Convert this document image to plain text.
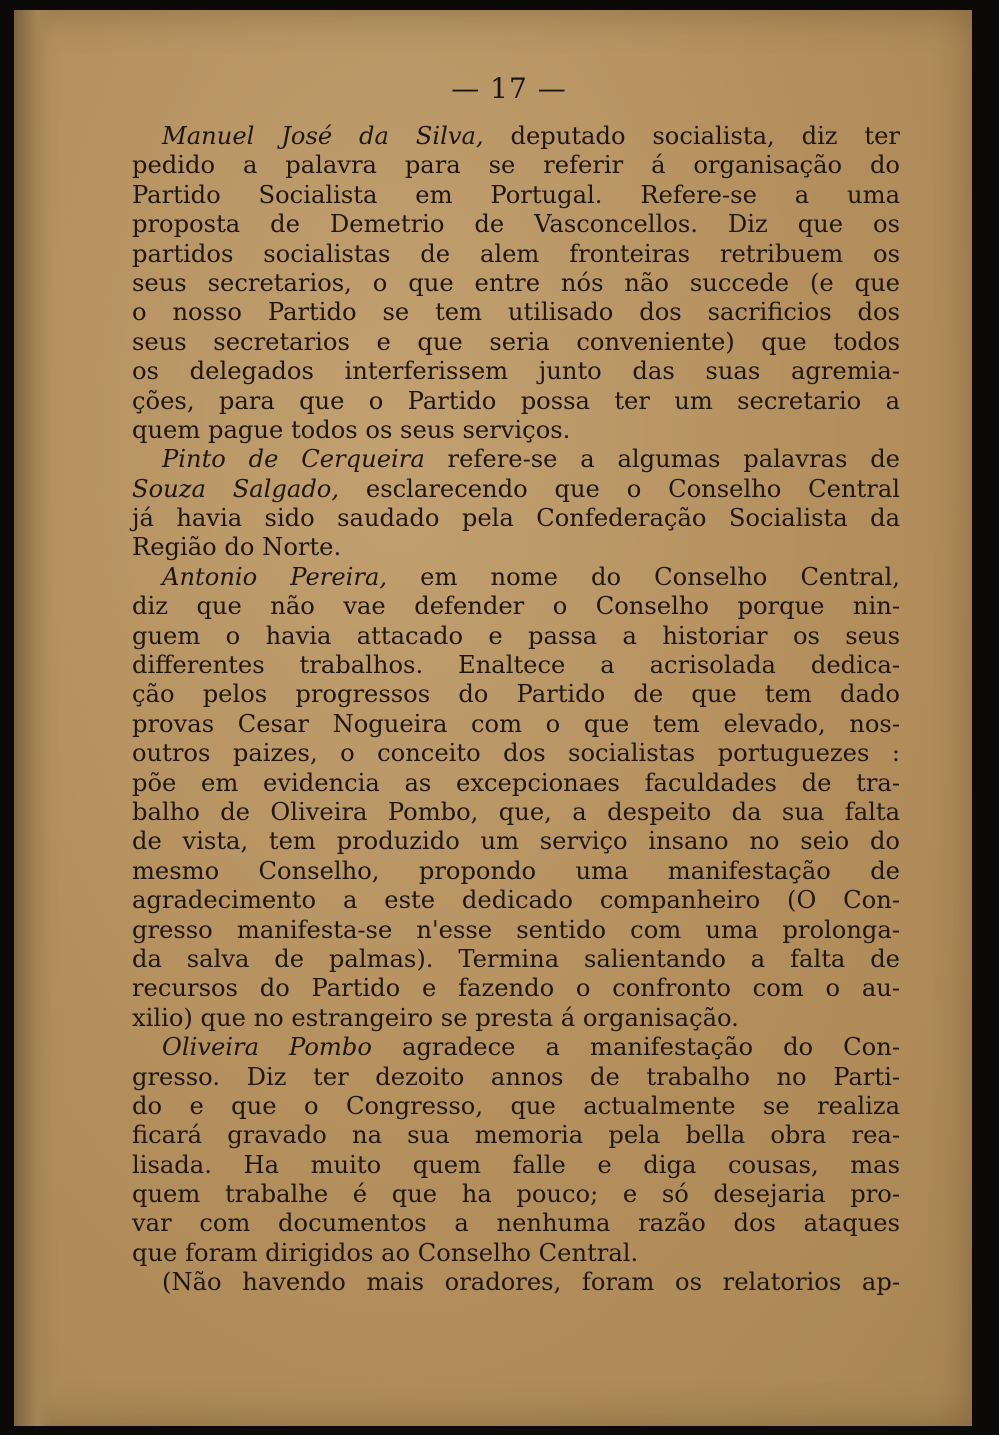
— 17 —
Manuel José da Silva, deputado socialista, diz ter
pedido a palavra para se referir á organisação do
Partido Socialista em Portugal. Refere-se a uma
proposta de Demetrio de Vasconcellos. Diz que os
partidos socialistas de alem fronteiras retribuem os
seus secretarios, o que entre nós não succede (e que
o nosso Partido se tem utilisado dos sacrificios dos
seus secretarios e que seria conveniente) que todos
os delegados interferissem junto das suas agremia-
ções, para que o Partido possa ter um secretario a
quem pague todos os seus serviços.
Pinto de Cerqueira refere-se a algumas palavras de
Souza Salgado, esclarecendo que o Conselho Central
já havia sido saudado pela Confederação Socialista da
Região do Norte.
Antonio Pereira, em nome do Conselho Central,
diz que não vae defender o Conselho porque nin-
guem o havia attacado e passa a historiar os seus
differentes trabalhos. Enaltece a acrisolada dedica-
ção pelos progressos do Partido de que tem dado
provas Cesar Nogueira com o que tem elevado, nos-
outros paizes, o conceito dos socialistas portuguezes :
põe em evidencia as excepcionaes faculdades de tra-
balho de Oliveira Pombo, que, a despeito da sua falta
de vista, tem produzido um serviço insano no seio do
mesmo Conselho, propondo uma manifestação de
agradecimento a este dedicado companheiro (O Con-
gresso manifesta-se n'esse sentido com uma prolonga-
da salva de palmas). Termina salientando a falta de
recursos do Partido e fazendo o confronto com o au-
xilio) que no estrangeiro se presta á organisação.
Oliveira Pombo agradece a manifestação do Con-
gresso. Diz ter dezoito annos de trabalho no Parti-
do e que o Congresso, que actualmente se realiza
ficará gravado na sua memoria pela bella obra rea-
lisada. Ha muito quem falle e diga cousas, mas
quem trabalhe é que ha pouco; e só desejaria pro-
var com documentos a nenhuma razão dos ataques
que foram dirigidos ao Conselho Central.
(Não havendo mais oradores, foram os relatorios ap-
